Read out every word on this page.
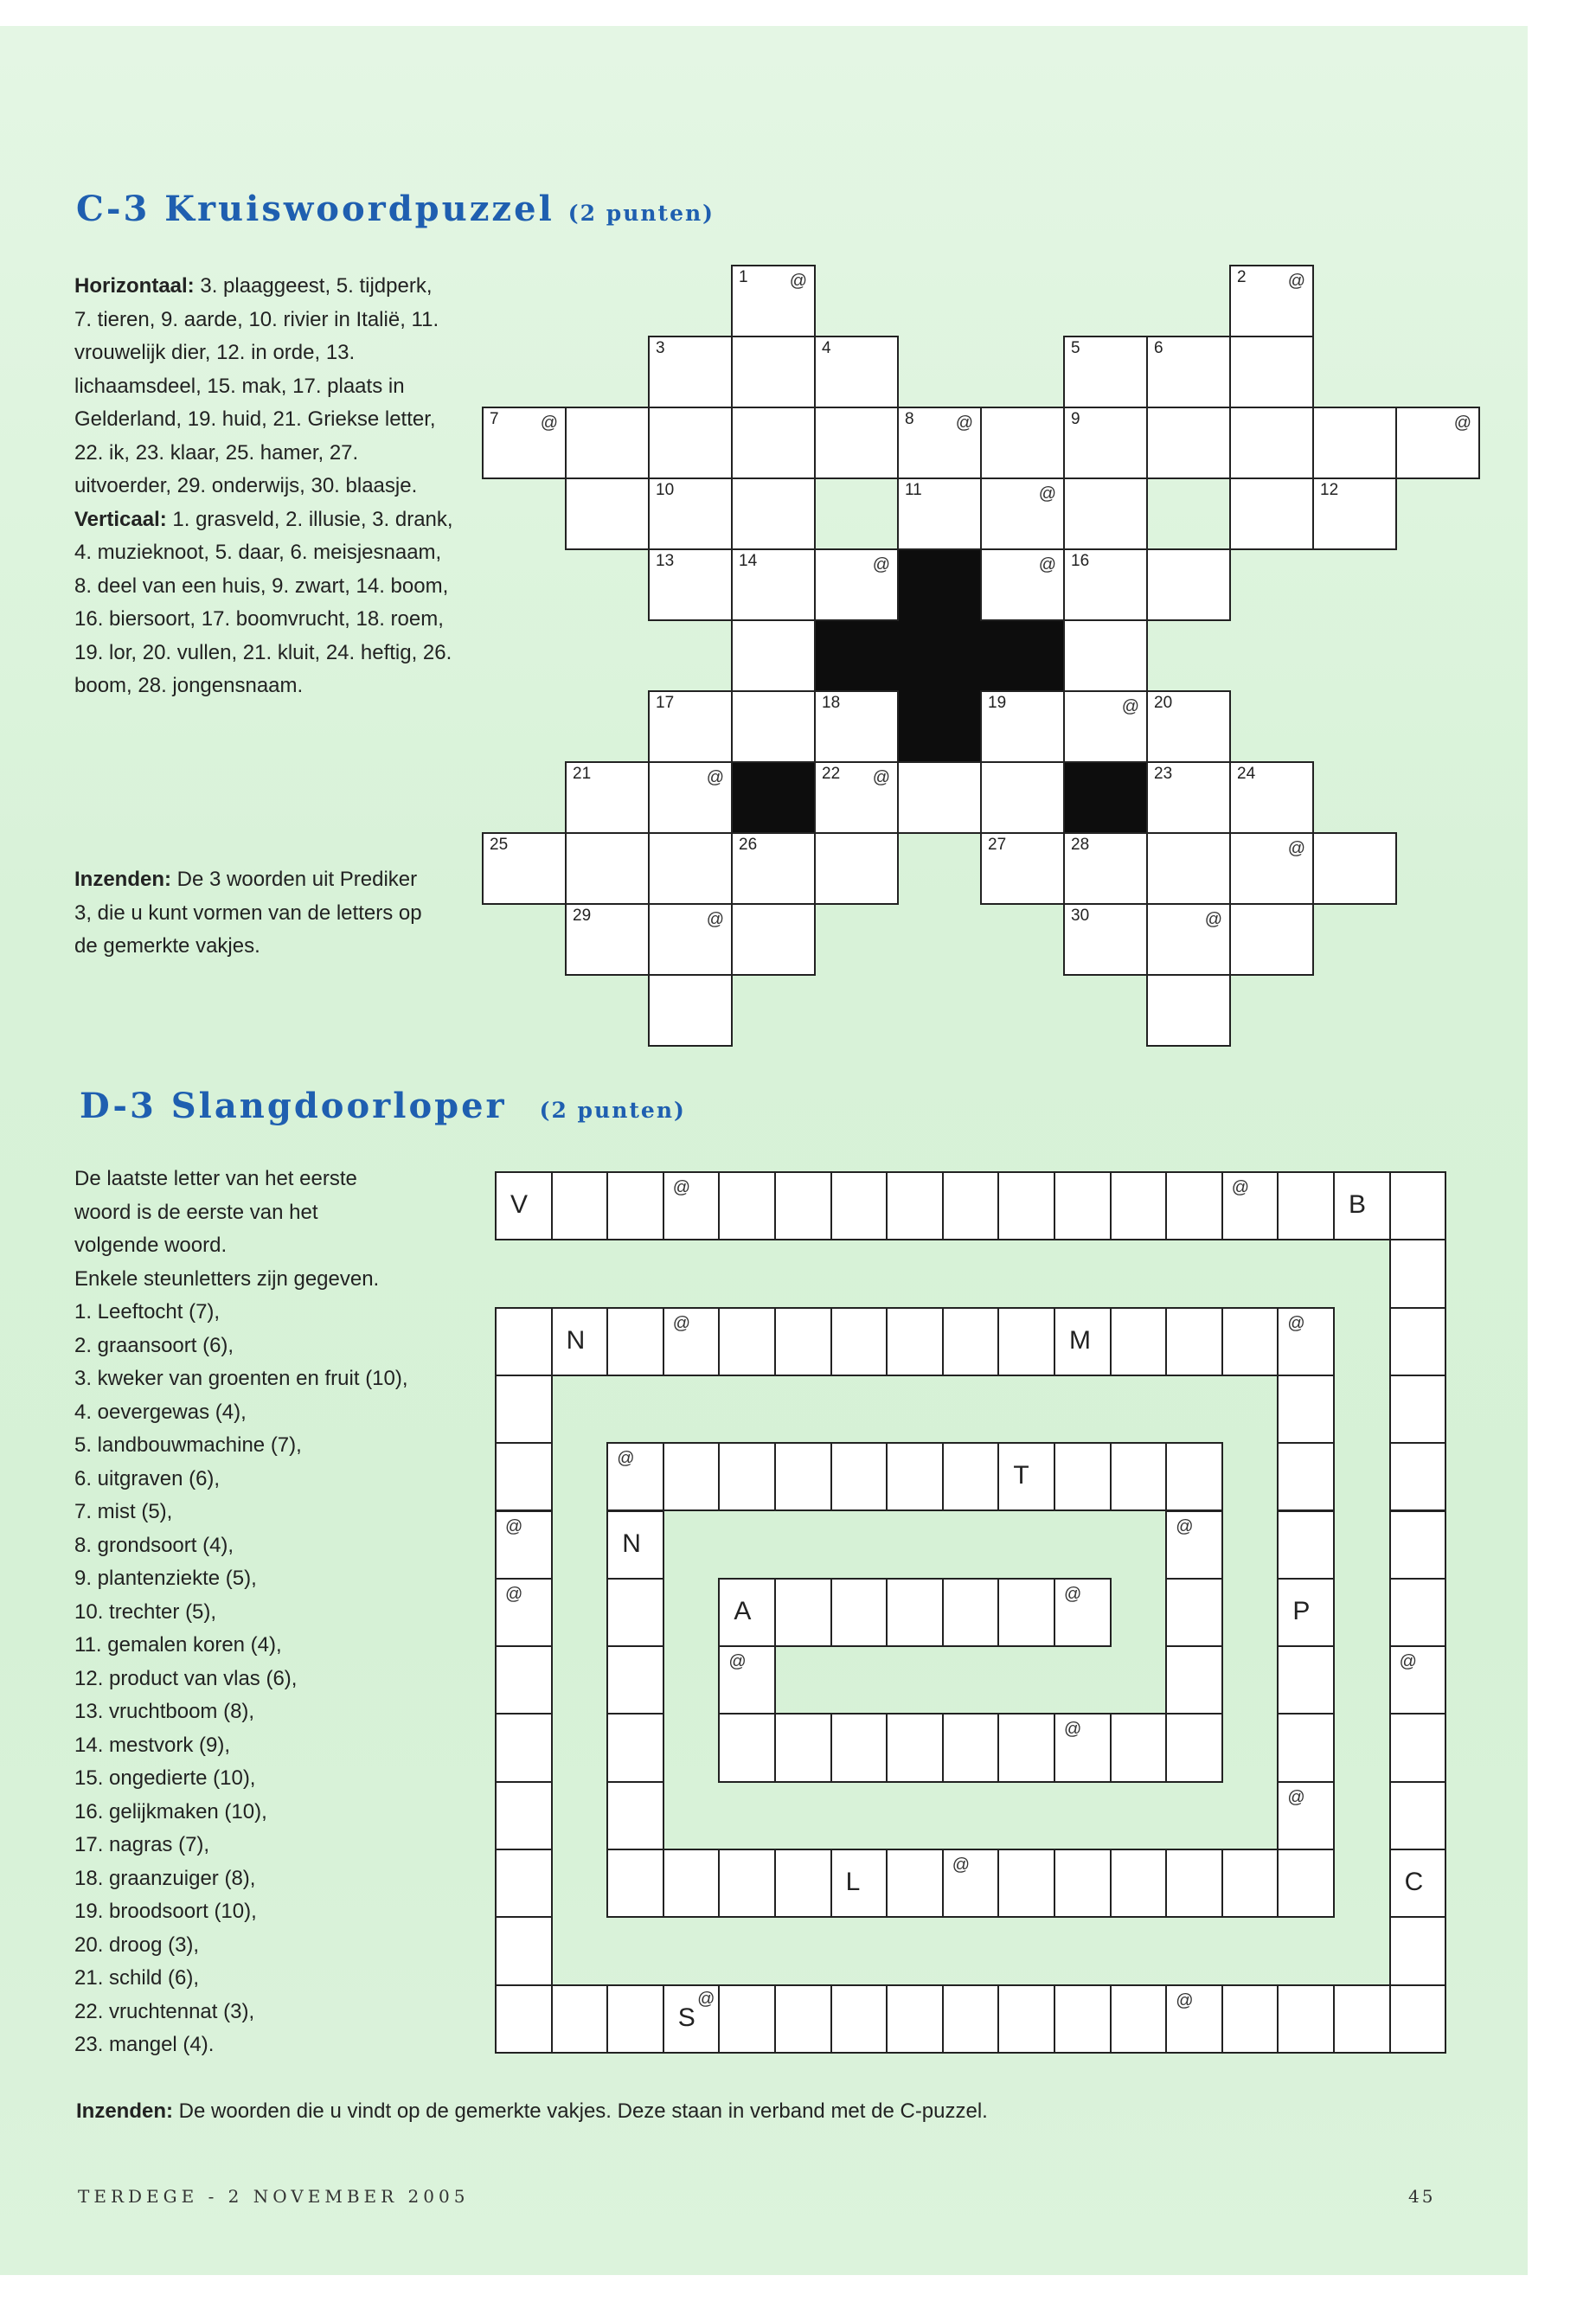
C-3 Kruiswoordpuzzel (2 punten)
Horizontaal: 3. plaaggeest, 5. tijdperk, 7. tieren, 9. aarde, 10. rivier in Italië, 11. vrouwelijk dier, 12. in orde, 13. lichaamsdeel, 15. mak, 17. plaats in Gelderland, 19. huid, 21. Griekse letter, 22. ik, 23. klaar, 25. hamer, 27. uitvoerder, 29. onderwijs, 30. blaasje.
Verticaal: 1. grasveld, 2. illusie, 3. drank, 4. muzieknoot, 5. daar, 6. meisjesnaam, 8. deel van een huis, 9. zwart, 14. boom, 16. biersoort, 17. boomvrucht, 18. roem, 19. lor, 20. vullen, 21. kluit, 24. heftig, 26. boom, 28. jongensnaam.
Inzenden: De 3 woorden uit Prediker 3, die u kunt vormen van de letters op de gemerkte vakjes.
1 @	2 @
3	4	5	6
7 @	8 @	9	@
10	11	@	12
13	14	@	@ 16
17	18	19	@ 20
21	@	22 @	23	24
25	26	27	28	@
29	@	30	@
D-3 Slangdoorloper (2 punten)
De laatste letter van het eerste
woord is de eerste van het
volgende woord.
Enkele steunletters zijn gegeven.
1. Leeftocht (7),
2. graansoort (6),
3. kweker van groenten en fruit (10),
4. oevergewas (4),
5. landbouwmachine (7),
6. uitgraven (6),
7. mist (5),
8. grondsoort (4),
9. plantenziekte (5),
10. trechter (5),
11. gemalen koren (4),
12. product van vlas (6),
13. vruchtboom (8),
14. mestvork (9),
15. ongedierte (10),
16. gelijkmaken (10),
17. nagras (7),
18. graanzuiger (8),
19. broodsoort (10),
20. droog (3),
21. schild (6),
22. vruchtennat (3),
23. mangel (4).
V
@	@
B
N
@
M
@
@
T
@
N
@
@
A
@
P
@	@
@
@
L
@
C
S
@	@
Inzenden: De woorden die u vindt op de gemerkte vakjes. Deze staan in verband met de C-puzzel.
TERDEGE - 2 NOVEMBER 2005	45
